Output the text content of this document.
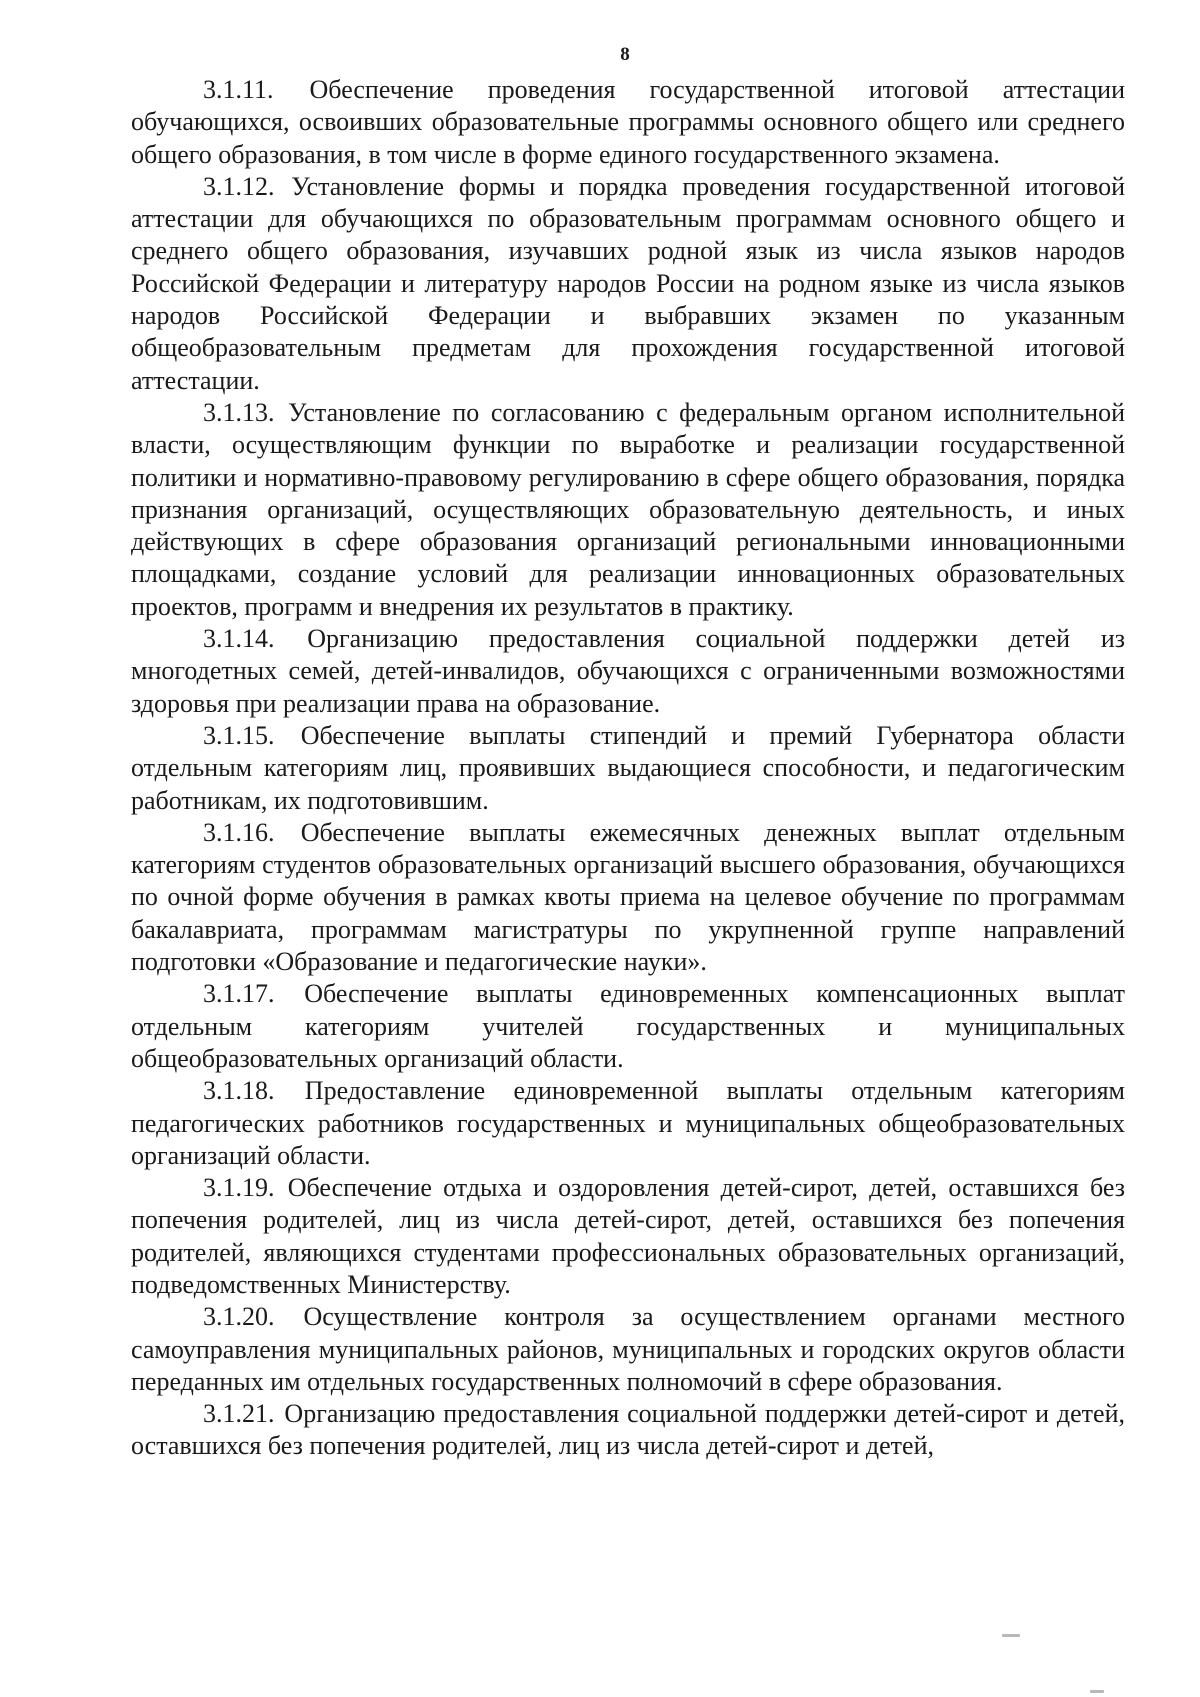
8

3.1.11. Обеспечение проведения государственной итоговой аттестации обучающихся, освоивших образовательные программы основного общего или среднего общего образования, в том числе в форме единого государственного экзамена.

3.1.12. Установление формы и порядка проведения государственной итоговой аттестации для обучающихся по образовательным программам основного общего и среднего общего образования, изучавших родной язык из числа языков народов Российской Федерации и литературу народов России на родном языке из числа языков народов Российской Федерации и выбравших экзамен по указанным общеобразовательным предметам для прохождения государственной итоговой аттестации.

3.1.13. Установление по согласованию с федеральным органом исполнительной власти, осуществляющим функции по выработке и реализации государственной политики и нормативно-правовому регулированию в сфере общего образования, порядка признания организаций, осуществляющих образовательную деятельность, и иных действующих в сфере образования организаций региональными инновационными площадками, создание условий для реализации инновационных образовательных проектов, программ и внедрения их результатов в практику.

3.1.14. Организацию предоставления социальной поддержки детей из многодетных семей, детей-инвалидов, обучающихся с ограниченными возможностями здоровья при реализации права на образование.

3.1.15. Обеспечение выплаты стипендий и премий Губернатора области отдельным категориям лиц, проявивших выдающиеся способности, и педагогическим работникам, их подготовившим.

3.1.16. Обеспечение выплаты ежемесячных денежных выплат отдельным категориям студентов образовательных организаций высшего образования, обучающихся по очной форме обучения в рамках квоты приема на целевое обучение по программам бакалавриата, программам магистратуры по укрупненной группе направлений подготовки «Образование и педагогические науки».

3.1.17. Обеспечение выплаты единовременных компенсационных выплат отдельным категориям учителей государственных и муниципальных общеобразовательных организаций области.

3.1.18. Предоставление единовременной выплаты отдельным категориям педагогических работников государственных и муниципальных общеобразовательных организаций области.

3.1.19. Обеспечение отдыха и оздоровления детей-сирот, детей, оставшихся без попечения родителей, лиц из числа детей-сирот, детей, оставшихся без попечения родителей, являющихся студентами профессиональных образовательных организаций, подведомственных Министерству.

3.1.20. Осуществление контроля за осуществлением органами местного самоуправления муниципальных районов, муниципальных и городских округов области переданных им отдельных государственных полномочий в сфере образования.

3.1.21. Организацию предоставления социальной поддержки детей-сирот и детей, оставшихся без попечения родителей, лиц из числа детей-сирот и детей,
